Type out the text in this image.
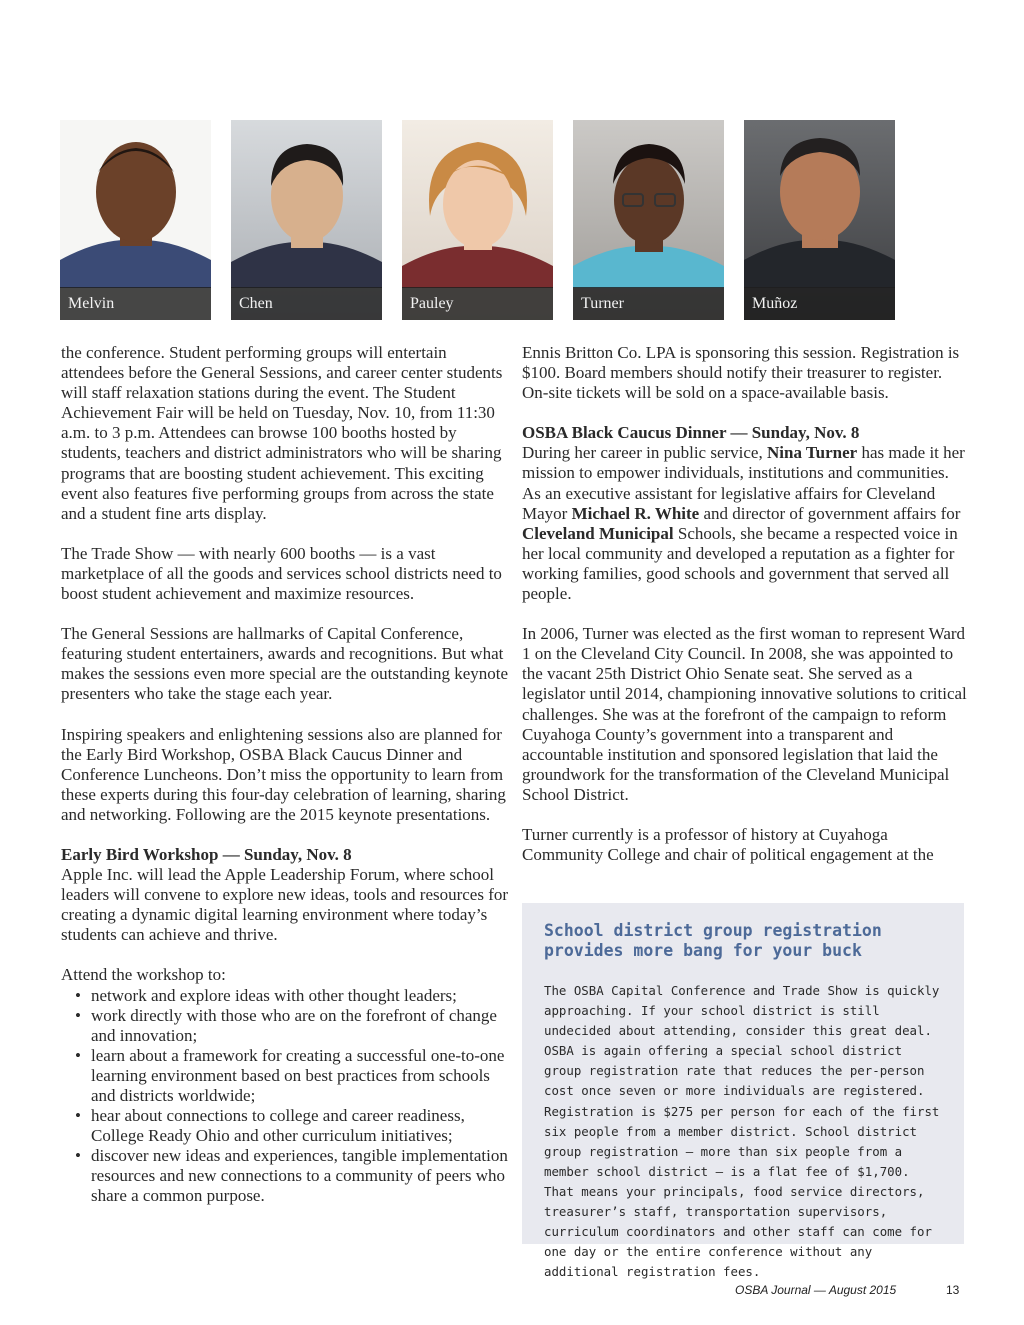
Melvin	Chen	Pauley	Turner	Muñoz

the conference. Student performing groups will entertain attendees before the General Sessions, and career center students will staff relaxation stations during the event. The Student Achievement Fair will be held on Tuesday, Nov. 10, from 11:30 a.m. to 3 p.m. Attendees can browse 100 booths hosted by students, teachers and district administrators who will be sharing programs that are boosting student achievement. This exciting event also features five performing groups from across the state and a student fine arts display.

The Trade Show — with nearly 600 booths — is a vast marketplace of all the goods and services school districts need to boost student achievement and maximize resources.

The General Sessions are hallmarks of Capital Conference, featuring student entertainers, awards and recognitions. But what makes the sessions even more special are the outstanding keynote presenters who take the stage each year.

Inspiring speakers and enlightening sessions also are planned for the Early Bird Workshop, OSBA Black Caucus Dinner and Conference Luncheons. Don’t miss the opportunity to learn from these experts during this four-day celebration of learning, sharing and networking. Following are the 2015 keynote presentations.

Early Bird Workshop — Sunday, Nov. 8

Apple Inc. will lead the Apple Leadership Forum, where school leaders will convene to explore new ideas, tools and resources for creating a dynamic digital learning environment where today’s students can achieve and thrive.

Attend the workshop to:

• network and explore ideas with other thought leaders;
• work directly with those who are on the forefront of change and innovation;
• learn about a framework for creating a successful one-to-one learning environment based on best practices from schools and districts worldwide;
• hear about connections to college and career readiness, College Ready Ohio and other curriculum initiatives;
• discover new ideas and experiences, tangible implementation resources and new connections to a community of peers who share a common purpose.

Ennis Britton Co. LPA is sponsoring this session. Registration is $100. Board members should notify their treasurer to register. On-site tickets will be sold on a space-available basis.

OSBA Black Caucus Dinner — Sunday, Nov. 8

During her career in public service, Nina Turner has made it her mission to empower individuals, institutions and communities. As an executive assistant for legislative affairs for Cleveland Mayor Michael R. White and director of government affairs for Cleveland Municipal Schools, she became a respected voice in her local community and developed a reputation as a fighter for working families, good schools and government that served all people.

In 2006, Turner was elected as the first woman to represent Ward 1 on the Cleveland City Council. In 2008, she was appointed to the vacant 25th District Ohio Senate seat. She served as a legislator until 2014, championing innovative solutions to critical challenges. She was at the forefront of the campaign to reform Cuyahoga County’s government into a transparent and accountable institution and sponsored legislation that laid the groundwork for the transformation of the Cleveland Municipal School District.

Turner currently is a professor of history at Cuyahoga Community College and chair of political engagement at the

School district group registration provides more bang for your buck

The OSBA Capital Conference and Trade Show is quickly approaching. If your school district is still undecided about attending, consider this great deal. OSBA is again offering a special school district group registration rate that reduces the per-person cost once seven or more individuals are registered. Registration is $275 per person for each of the first six people from a member district. School district group registration — more than six people from a member school district — is a flat fee of $1,700. That means your principals, food service directors, treasurer’s staff, transportation supervisors, curriculum coordinators and other staff can come for one day or the entire conference without any additional registration fees.

OSBA Journal — August 2015	13
